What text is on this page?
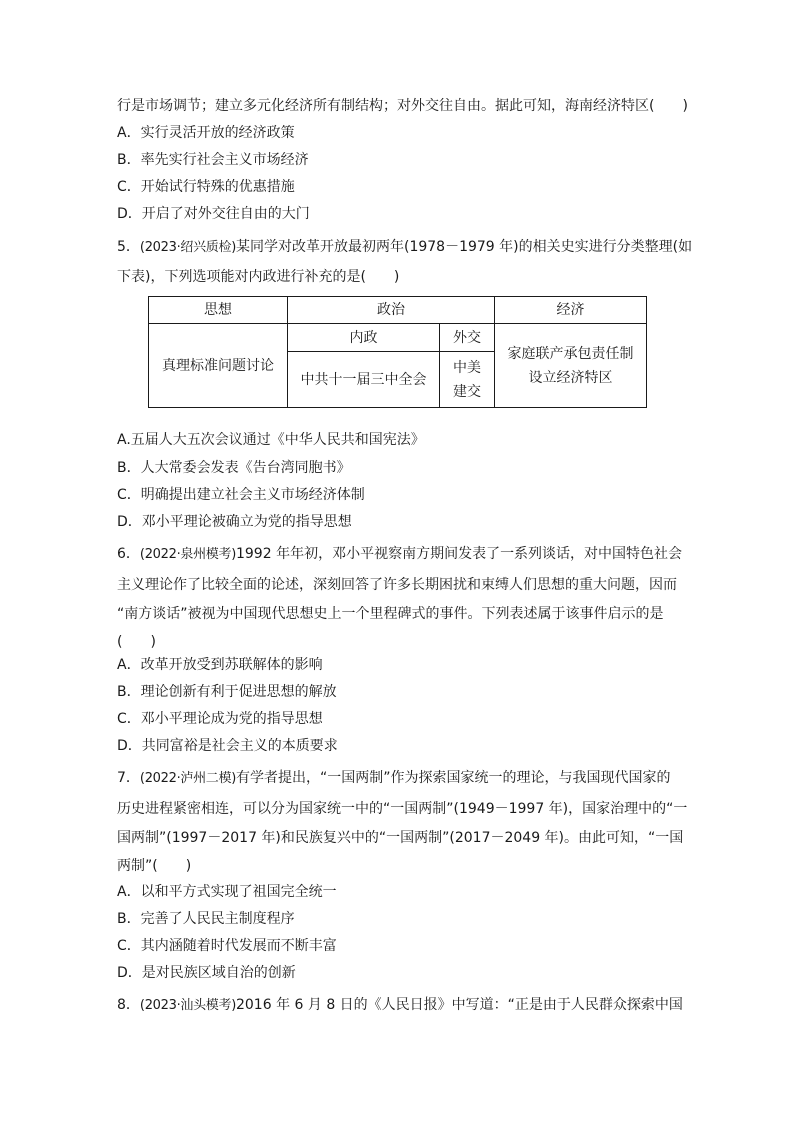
行是市场调节；建立多元化经济所有制结构；对外交往自由。据此可知，海南经济特区(　　)
A．实行灵活开放的经济政策
B．率先实行社会主义市场经济
C．开始试行特殊的优惠措施
D．开启了对外交往自由的大门
5．(2023·绍兴质检)某同学对改革开放最初两年(1978－1979 年)的相关史实进行分类整理(如
下表)，下列选项能对内政进行补充的是(　　)
思想	政治		经济
真理标准问题讨论	内政	外交	家庭联产承包责任制
设立经济特区

	中共十一届三中全会	中美
建交	
A.五届人大五次会议通过《中华人民共和国宪法》
B．人大常委会发表《告台湾同胞书》
C．明确提出建立社会主义市场经济体制
D．邓小平理论被确立为党的指导思想
6．(2022·泉州模考)1992 年年初，邓小平视察南方期间发表了一系列谈话，对中国特色社会
主义理论作了比较全面的论述，深刻回答了许多长期困扰和束缚人们思想的重大问题，因而
“南方谈话”被视为中国现代思想史上一个里程碑式的事件。下列表述属于该事件启示的是
(　　)
A．改革开放受到苏联解体的影响
B．理论创新有利于促进思想的解放
C．邓小平理论成为党的指导思想
D．共同富裕是社会主义的本质要求
7．(2022·泸州二模)有学者提出，“一国两制”作为探索国家统一的理论，与我国现代国家的
历史进程紧密相连，可以分为国家统一中的“一国两制”(1949－1997 年)，国家治理中的“一
国两制”(1997－2017 年)和民族复兴中的“一国两制”(2017－2049 年)。由此可知，“一国
两制”(　　)
A．以和平方式实现了祖国完全统一
B．完善了人民民主制度程序
C．其内涵随着时代发展而不断丰富
D．是对民族区域自治的创新
8．(2023·汕头模考)2016 年 6 月 8 日的《人民日报》中写道：“正是由于人民群众探索中国
